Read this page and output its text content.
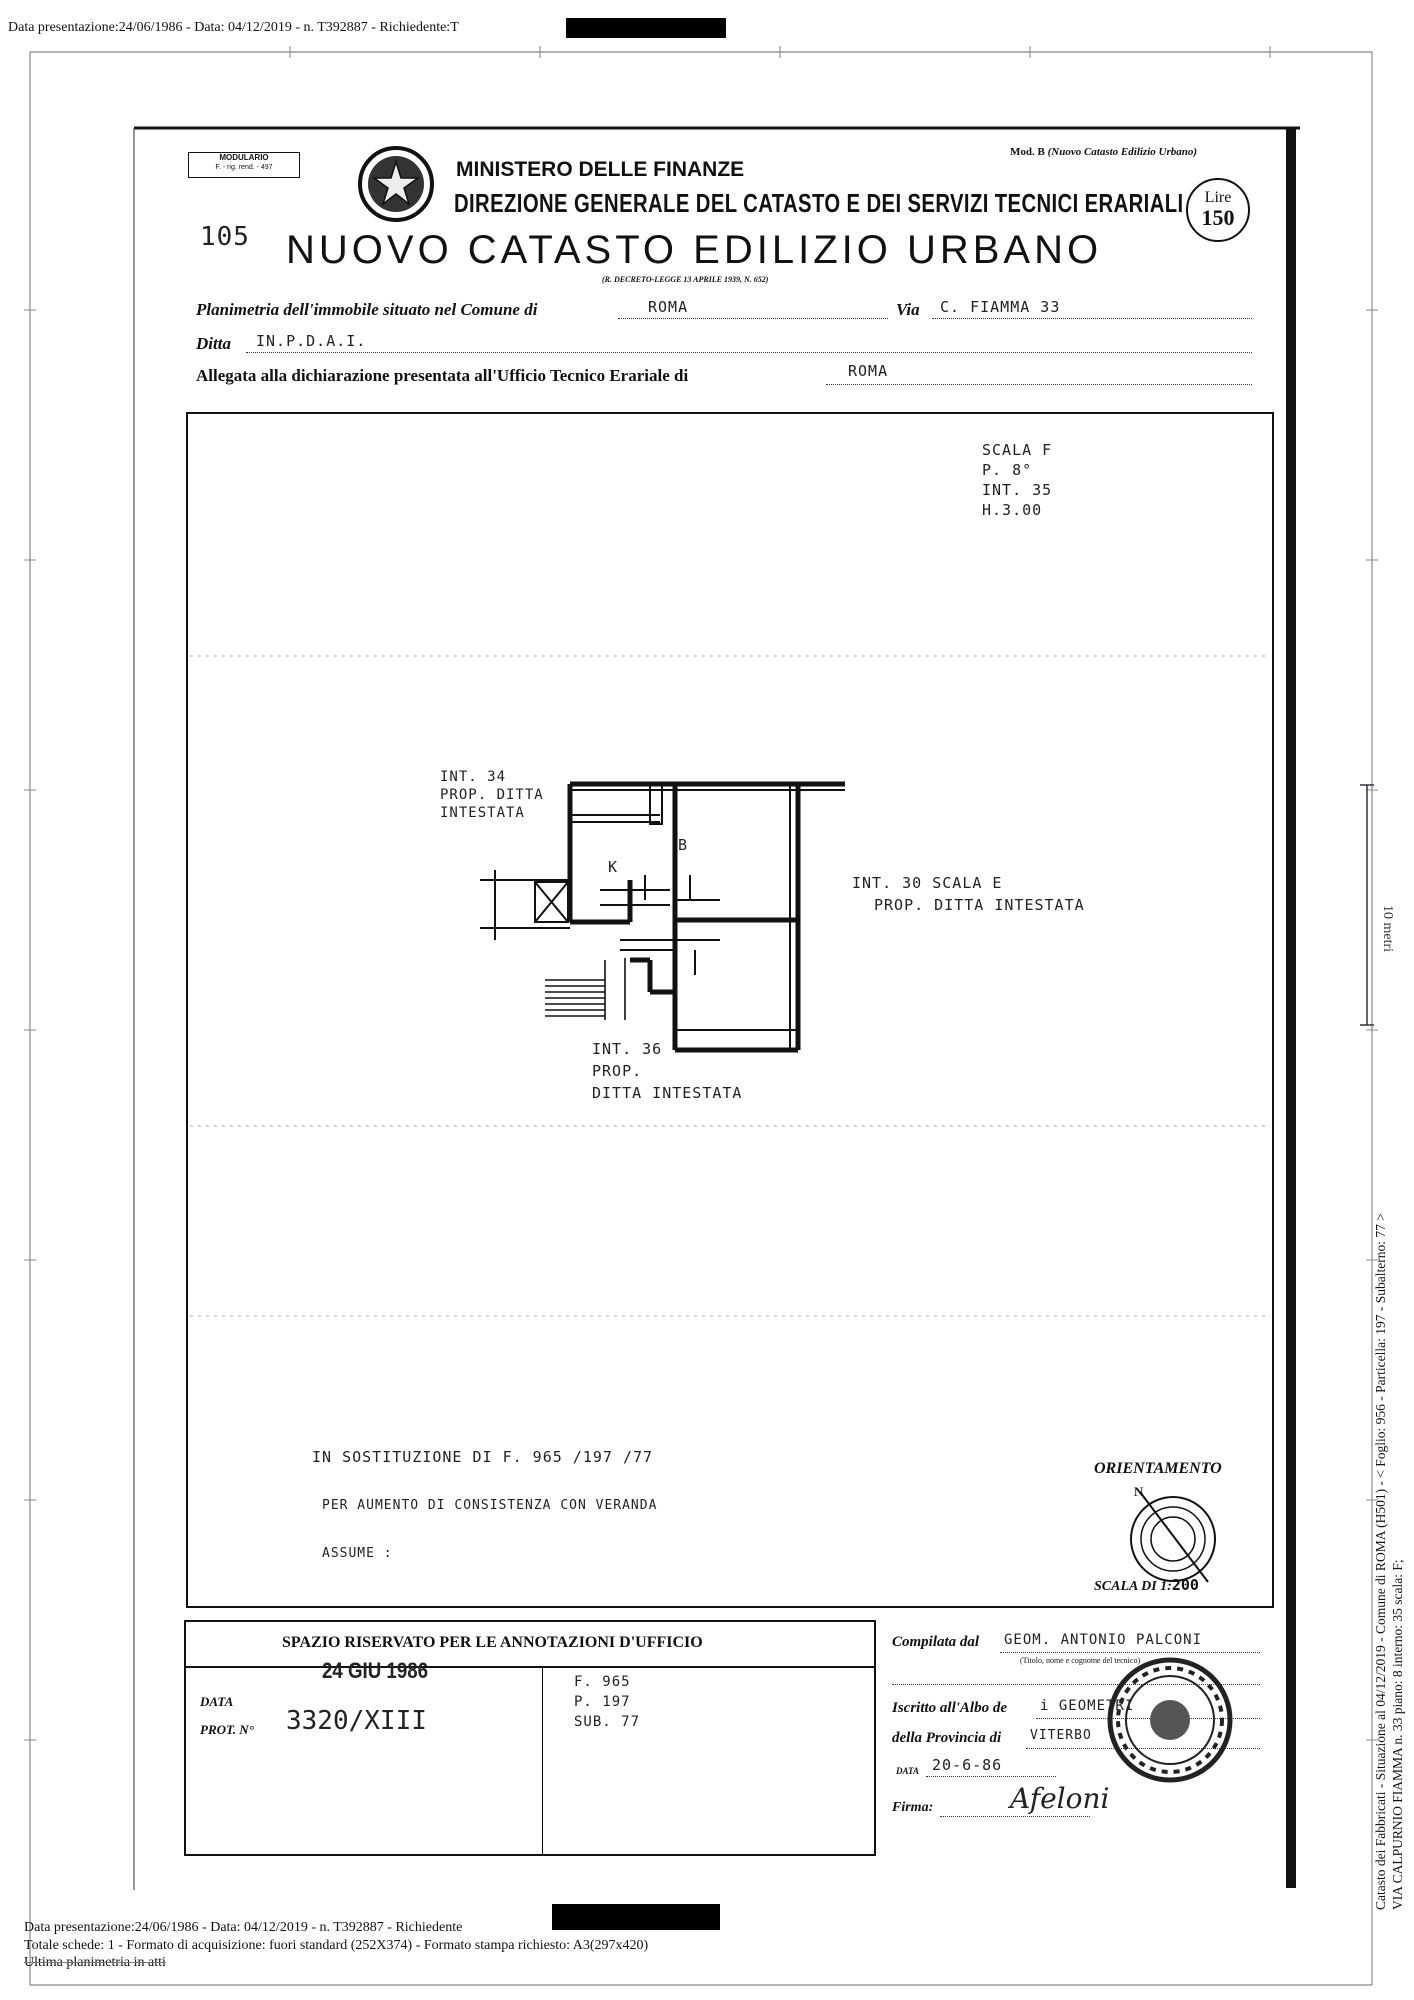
Data presentazione:24/06/1986 - Data: 04/12/2019 - n. T392887 - Richiedente:T
10 metri
MODULARIO
F. - rig. rend. - 497	MINISTERO DELLE FINANZE
DIREZIONE GENERALE DEL CATASTO E DEI SERVIZI TECNICI ERARIALI
Mod. B (Nuovo Catasto Edilizio Urbano)
Lire
150
105 NUOVO CATASTO EDILIZIO URBANO
(R. DECRETO-LEGGE 13 APRILE 1939, N. 652)
Planimetria dell'immobile situato nel Comune di	ROMA	Via C. FIAMMA 33
Ditta IN.P.D.A.I.
Allegata alla dichiarazione presentata all'Ufficio Tecnico Erariale di	ROMA
SCALA F
P. 8°
INT. 35
H.3.00
INT. 34
PROP. DITTA
INTESTATA
K
B
INT. 30 SCALA E
PROP. DITTA INTESTATA
INT. 36
PROP.
DITTA INTESTATA
IN SOSTITUZIONE DI F. 965 /197 /77
PER AUMENTO DI CONSISTENZA CON VERANDA
ASSUME :
ORIENTAMENTO
N
SCALA DI 1:200
SPAZIO RISERVATO PER LE ANNOTAZIONI D'UFFICIO
24 GIU 1986
DATA
PROT. N° 3320/XIII
F. 965
P. 197
SUB. 77
Compilata dal GEOM. ANTONIO PALCONI
(Titolo, nome e cognome del tecnico)
Iscritto all'Albo de i GEOMETRI
della Provincia di VITERBO
DATA 20-6-86
Firma:	Afeloni
Data presentazione:24/06/1986 - Data: 04/12/2019 - n. T392887 - Richiedente
Totale schede: 1 - Formato di acquisizione: fuori standard (252X374) - Formato stampa richiesto: A3(297x420)
Ultima planimetria in atti
Catasto dei Fabbricati - Situazione al 04/12/2019 - Comune di ROMA (H501) - < Foglio: 956 - Particella: 197 - Subalterno: 77 > VIA CALPURNIO FIAMMA n. 33 piano: 8 interno: 35 scala: F;
